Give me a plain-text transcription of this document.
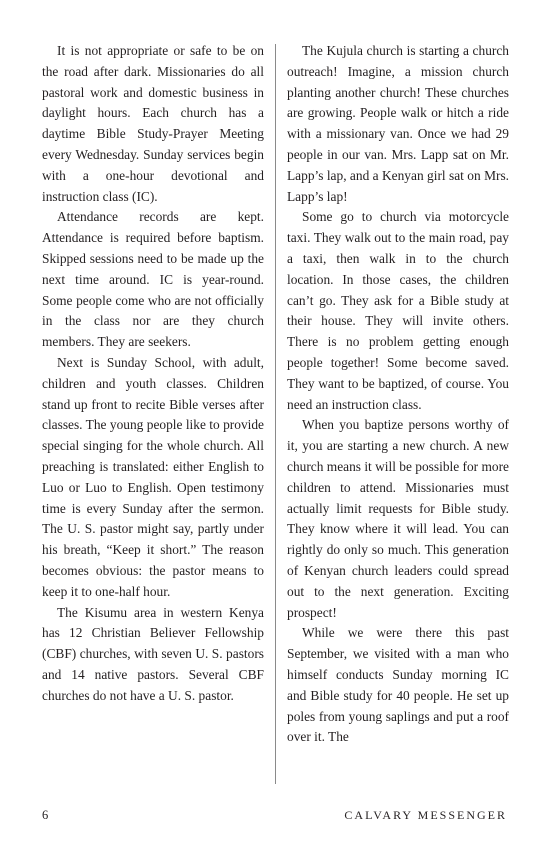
It is not appropriate or safe to be on the road after dark. Missionaries do all pastoral work and domestic business in daylight hours. Each church has a daytime Bible Study-Prayer Meeting every Wednesday. Sunday services begin with a one-hour devotional and instruction class (IC).

Attendance records are kept. Attendance is required before baptism. Skipped sessions need to be made up the next time around. IC is year-round. Some people come who are not officially in the class nor are they church members. They are seekers.

Next is Sunday School, with adult, children and youth classes. Children stand up front to recite Bible verses after classes. The young people like to provide special singing for the whole church. All preaching is translated: either English to Luo or Luo to English. Open testimony time is every Sunday after the sermon. The U. S. pastor might say, partly under his breath, “Keep it short.” The reason becomes obvious: the pastor means to keep it to one-half hour.

The Kisumu area in western Kenya has 12 Christian Believer Fellowship (CBF) churches, with seven U. S. pastors and 14 native pastors. Several CBF churches do not have a U. S. pastor.

The Kujula church is starting a church outreach! Imagine, a mission church planting another church! These churches are growing. People walk or hitch a ride with a missionary van. Once we had 29 people in our van. Mrs. Lapp sat on Mr. Lapp’s lap, and a Kenyan girl sat on Mrs. Lapp’s lap!

Some go to church via motorcycle taxi. They walk out to the main road, pay a taxi, then walk in to the church location. In those cases, the children can’t go. They ask for a Bible study at their house. They will invite others. There is no problem getting enough people together! Some become saved. They want to be baptized, of course. You need an instruction class.

When you baptize persons worthy of it, you are starting a new church. A new church means it will be possible for more children to attend. Missionaries must actually limit requests for Bible study. They know where it will lead. You can rightly do only so much. This generation of Kenyan church leaders could spread out to the next generation. Exciting prospect!

While we were there this past September, we visited with a man who himself conducts Sunday morning IC and Bible study for 40 people. He set up poles from young saplings and put a roof over it. The

6	CALVARY MESSENGER
